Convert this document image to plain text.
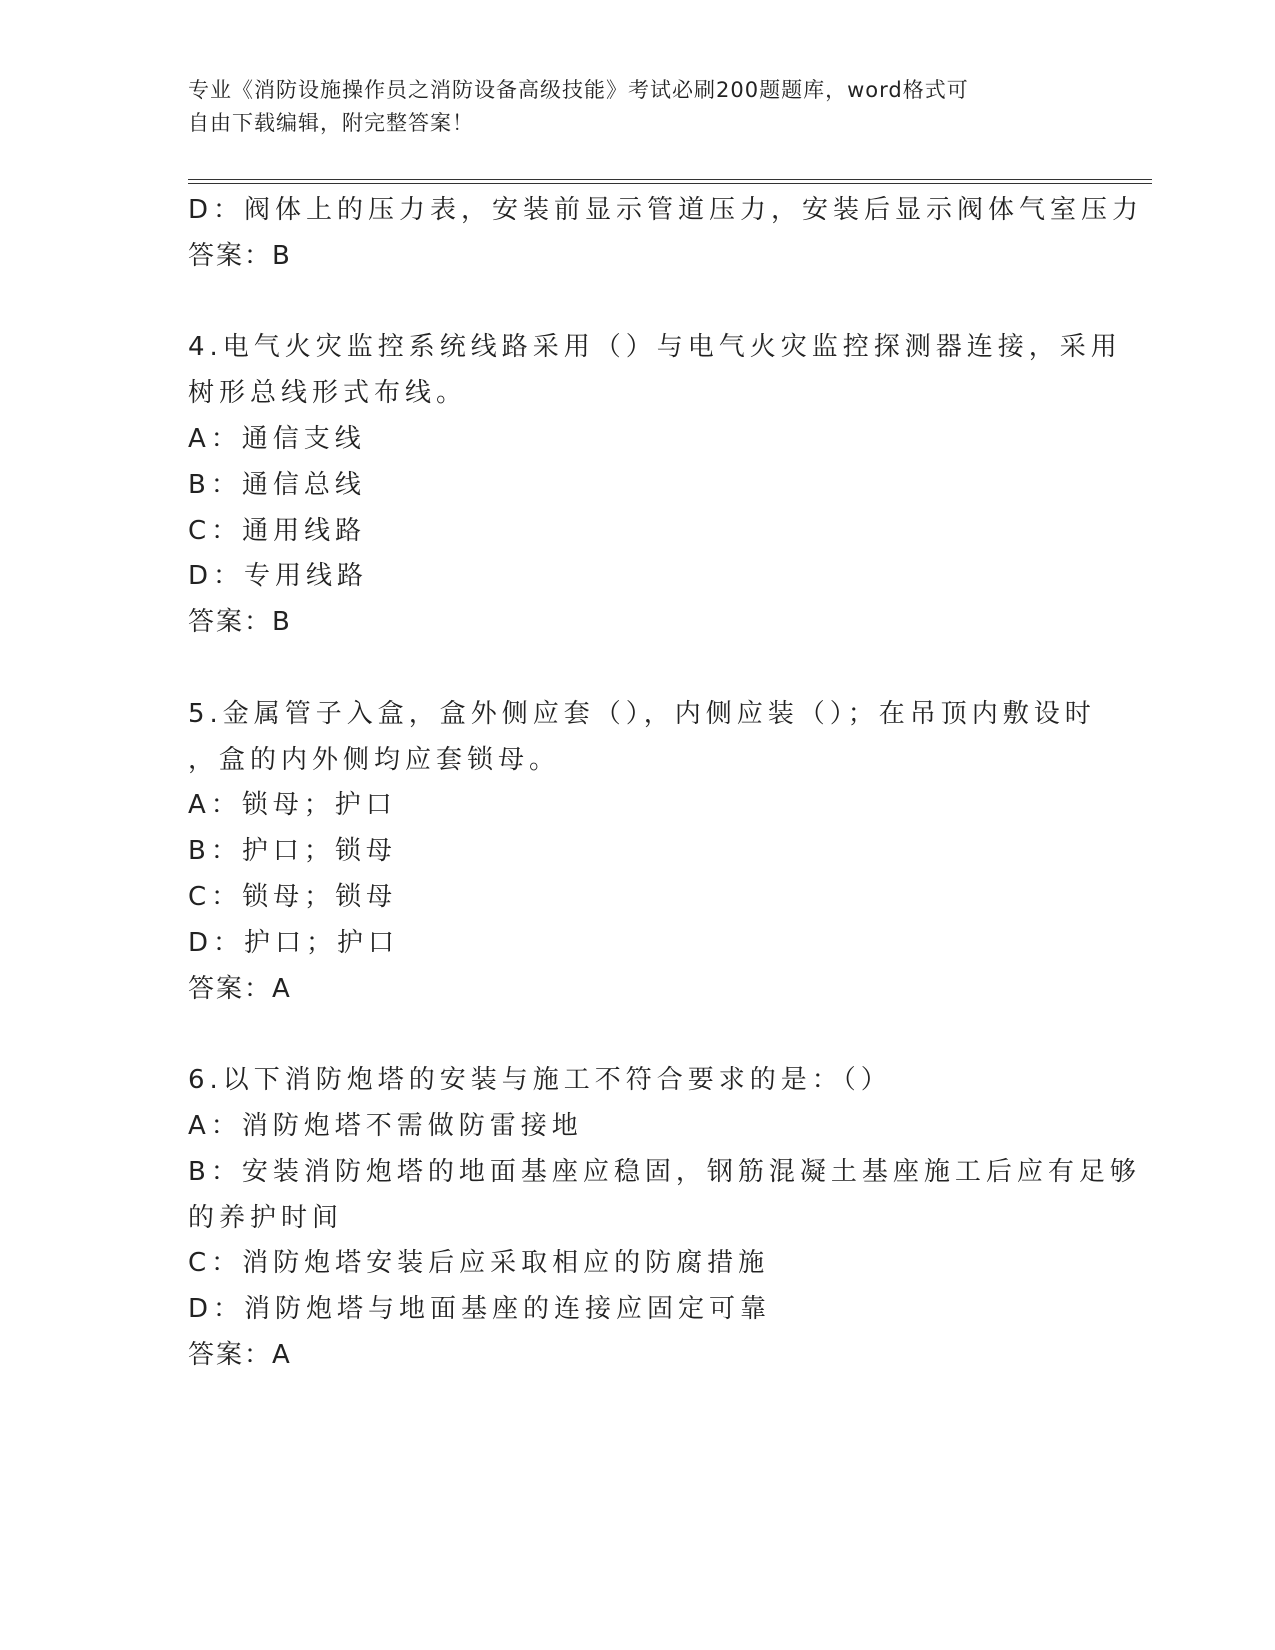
专业《消防设施操作员之消防设备高级技能》考试必刷200题题库，word格式可
自由下载编辑，附完整答案！
D：阀体上的压力表，安装前显示管道压力，安装后显示阀体气室压力
答案：B
4.电气火灾监控系统线路采用（）与电气火灾监控探测器连接，采用
树形总线形式布线。
A：通信支线
B：通信总线
C：通用线路
D：专用线路
答案：B
5.金属管子入盒，盒外侧应套（），内侧应装（）；在吊顶内敷设时
，盒的内外侧均应套锁母。
A：锁母；护口
B：护口；锁母
C：锁母；锁母
D：护口；护口
答案：A
6.以下消防炮塔的安装与施工不符合要求的是：（）
A：消防炮塔不需做防雷接地
B：安装消防炮塔的地面基座应稳固，钢筋混凝土基座施工后应有足够
的养护时间
C：消防炮塔安装后应采取相应的防腐措施
D：消防炮塔与地面基座的连接应固定可靠
答案：A
